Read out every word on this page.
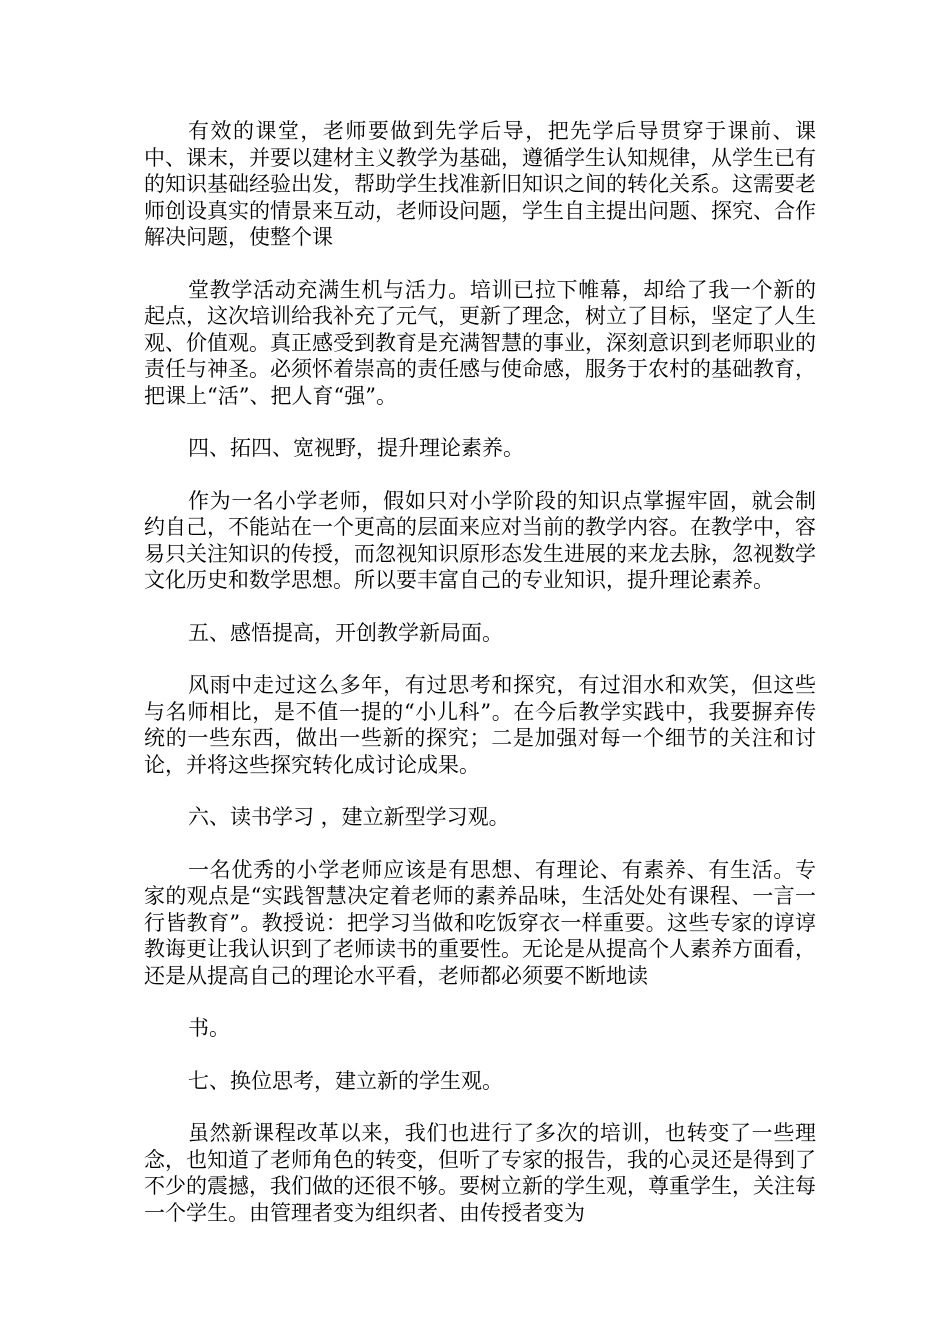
有效的课堂，老师要做到先学后导，把先学后导贯穿于课前、课中、课末，并要以建材主义教学为基础，遵循学生认知规律，从学生已有的知识基础经验出发，帮助学生找准新旧知识之间的转化关系。这需要老师创设真实的情景来互动，老师设问题，学生自主提出问题、探究、合作解决问题，使整个课

堂教学活动充满生机与活力。培训已拉下帷幕，却给了我一个新的起点，这次培训给我补充了元气，更新了理念，树立了目标，坚定了人生观、价值观。真正感受到教育是充满智慧的事业，深刻意识到老师职业的责任与神圣。必须怀着崇高的责任感与使命感，服务于农村的基础教育，把课上“活”、把人育“强”。

四、拓四、宽视野，提升理论素养。

作为一名小学老师，假如只对小学阶段的知识点掌握牢固，就会制约自己，不能站在一个更高的层面来应对当前的教学内容。在教学中，容易只关注知识的传授，而忽视知识原形态发生进展的来龙去脉，忽视数学文化历史和数学思想。所以要丰富自己的专业知识，提升理论素养。

五、感悟提高，开创教学新局面。

风雨中走过这么多年，有过思考和探究，有过泪水和欢笑，但这些与名师相比，是不值一提的“小儿科”。在今后教学实践中，我要摒弃传统的一些东西，做出一些新的探究；二是加强对每一个细节的关注和讨论，并将这些探究转化成讨论成果。

六、读书学习 ，建立新型学习观。

一名优秀的小学老师应该是有思想、有理论、有素养、有生活。专家的观点是“实践智慧决定着老师的素养品味，生活处处有课程、一言一行皆教育”。教授说：把学习当做和吃饭穿衣一样重要。这些专家的谆谆教诲更让我认识到了老师读书的重要性。无论是从提高个人素养方面看，还是从提高自己的理论水平看，老师都必须要不断地读

书。

七、换位思考，建立新的学生观。

虽然新课程改革以来，我们也进行了多次的培训，也转变了一些理念，也知道了老师角色的转变，但听了专家的报告，我的心灵还是得到了不少的震撼，我们做的还很不够。要树立新的学生观，尊重学生，关注每一个学生。由管理者变为组织者、由传授者变为
